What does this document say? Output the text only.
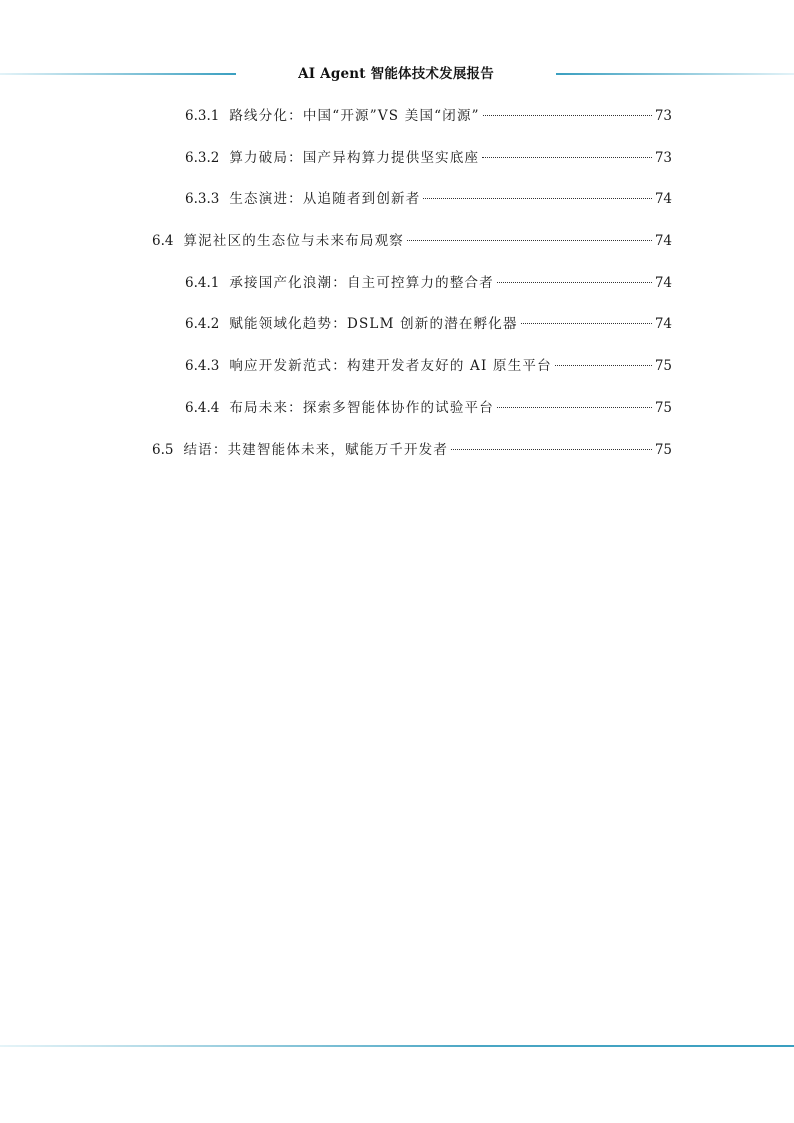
AI Agent 智能体技术发展报告
6.3.1 路线分化：中国“开源”VS 美国“闭源”	73
6.3.2 算力破局：国产异构算力提供坚实底座	73
6.3.3 生态演进：从追随者到创新者	74
6.4 算泥社区的生态位与未来布局观察	74
6.4.1 承接国产化浪潮：自主可控算力的整合者	74
6.4.2 赋能领域化趋势：DSLM 创新的潜在孵化器	74
6.4.3 响应开发新范式：构建开发者友好的 AI 原生平台	75
6.4.4 布局未来：探索多智能体协作的试验平台	75
6.5 结语：共建智能体未来，赋能万千开发者	75
